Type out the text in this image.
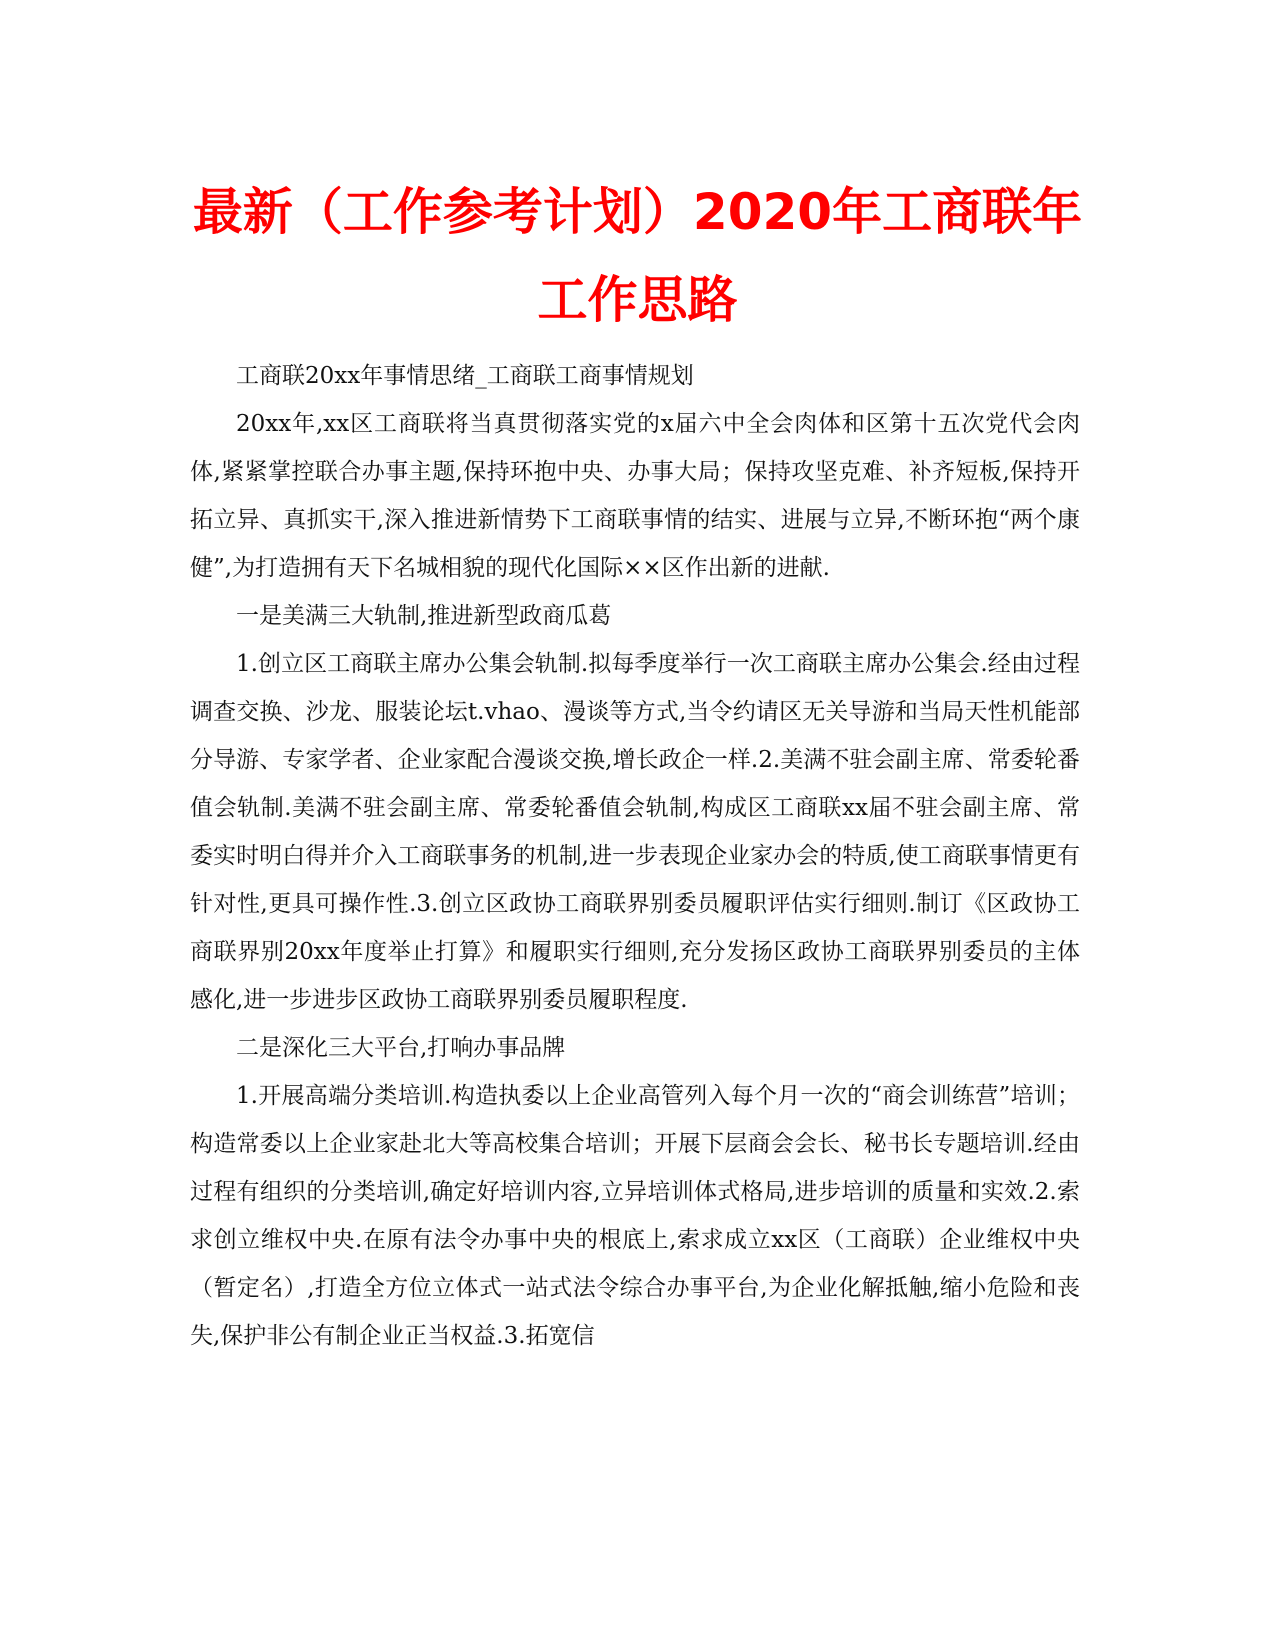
最新（工作参考计划）2020年工商联年工作思路

工商联20xx年事情思绪_工商联工商事情规划

20xx年,xx区工商联将当真贯彻落实党的x届六中全会肉体和区第十五次党代会肉体,紧紧掌控联合办事主题,保持环抱中央、办事大局；保持攻坚克难、补齐短板,保持开拓立异、真抓实干,深入推进新情势下工商联事情的结实、进展与立异,不断环抱“两个康健”,为打造拥有天下名城相貌的现代化国际××区作出新的进献.

一是美满三大轨制,推进新型政商瓜葛

1.创立区工商联主席办公集会轨制.拟每季度举行一次工商联主席办公集会.经由过程调查交换、沙龙、服装论坛t.vhao、漫谈等方式,当令约请区无关导游和当局天性机能部分导游、专家学者、企业家配合漫谈交换,增长政企一样.2.美满不驻会副主席、常委轮番值会轨制.美满不驻会副主席、常委轮番值会轨制,构成区工商联xx届不驻会副主席、常委实时明白得并介入工商联事务的机制,进一步表现企业家办会的特质,使工商联事情更有针对性,更具可操作性.3.创立区政协工商联界别委员履职评估实行细则.制订《区政协工商联界别20xx年度举止打算》和履职实行细则,充分发扬区政协工商联界别委员的主体感化,进一步进步区政协工商联界别委员履职程度.

二是深化三大平台,打响办事品牌

1.开展高端分类培训.构造执委以上企业高管列入每个月一次的“商会训练营”培训；构造常委以上企业家赴北大等高校集合培训；开展下层商会会长、秘书长专题培训.经由过程有组织的分类培训,确定好培训内容,立异培训体式格局,进步培训的质量和实效.2.索求创立维权中央.在原有法令办事中央的根底上,索求成立xx区（工商联）企业维权中央（暂定名）,打造全方位立体式一站式法令综合办事平台,为企业化解抵触,缩小危险和丧失,保护非公有制企业正当权益.3.拓宽信
